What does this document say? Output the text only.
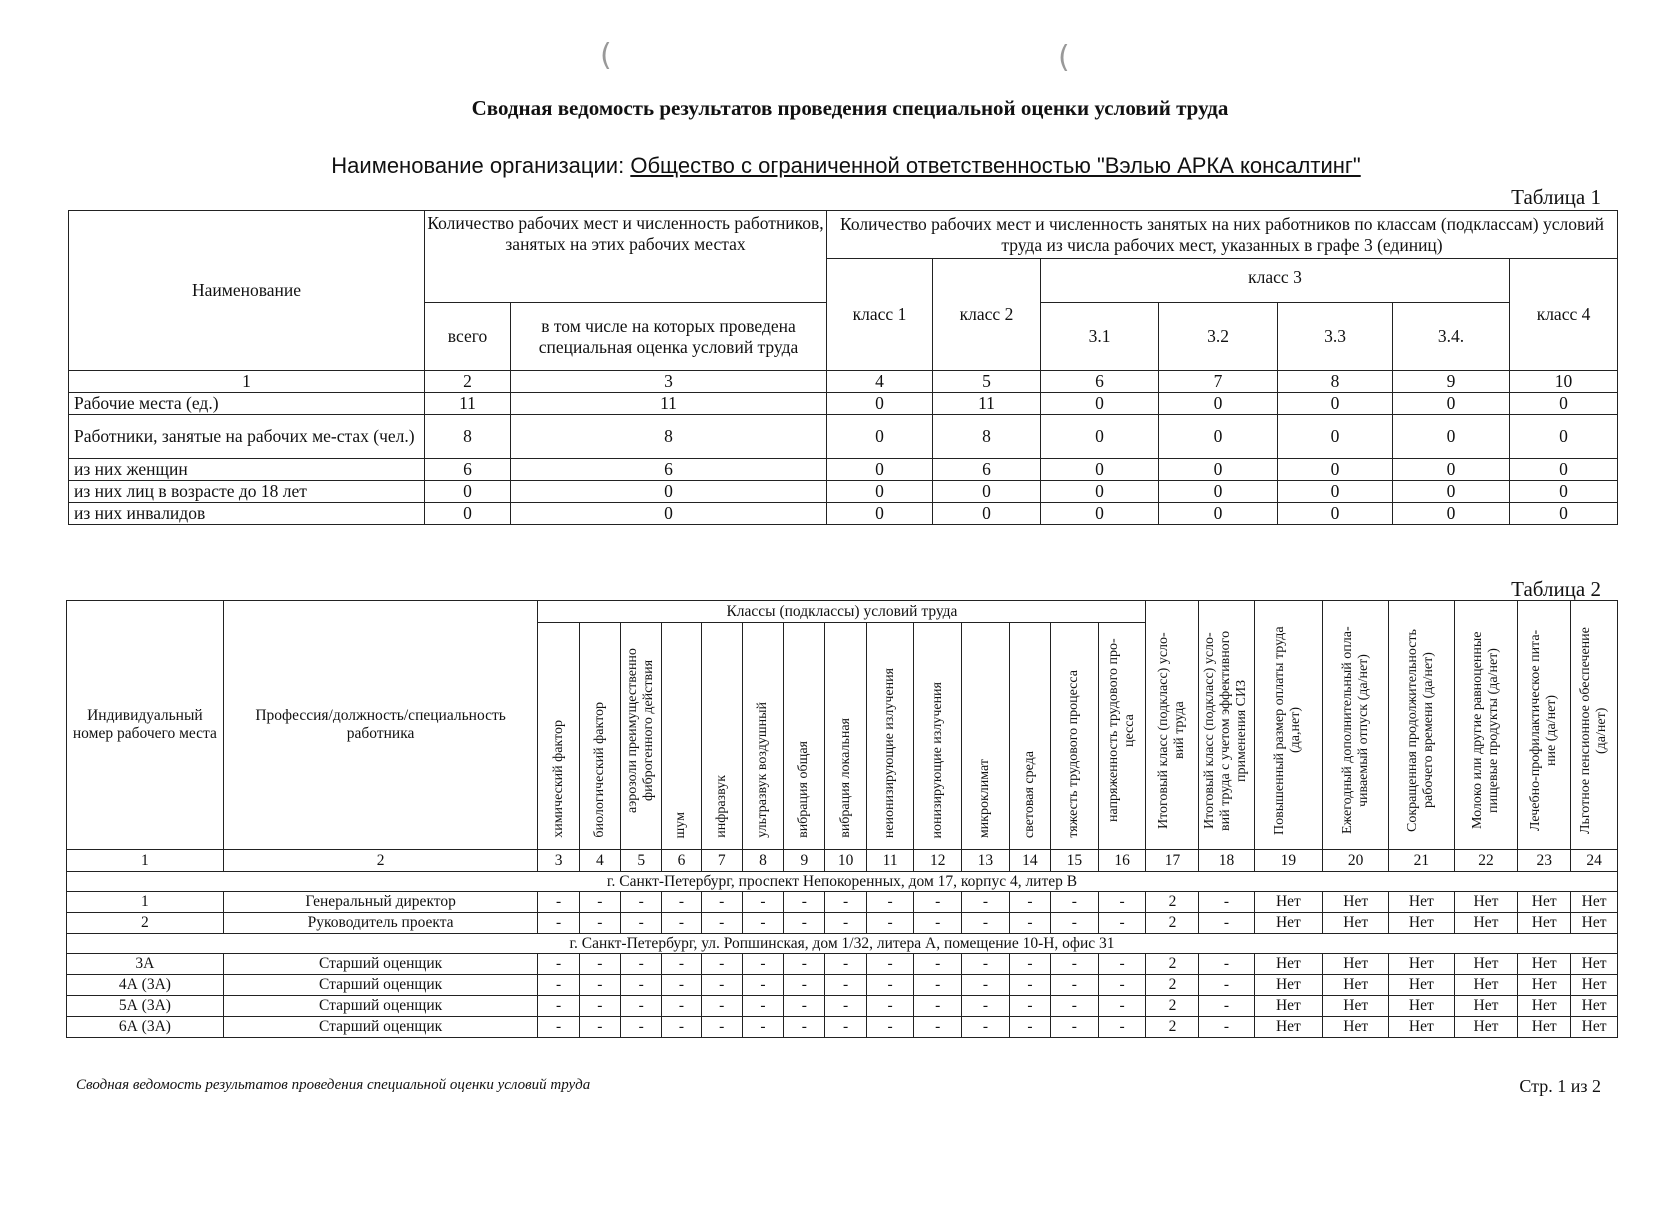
(	(
Сводная ведомость результатов проведения специальной оценки условий труда
Наименование организации: Общество с ограниченной ответственностью "Вэлью АРКА консалтинг"
Таблица 1
Наименование	Количество рабочих мест и численность работников, занятых на этих рабочих местах		Количество рабочих мест и численность занятых на них работников по классам (подклассам) условий труда из числа рабочих мест, указанных в графе 3 (единиц)						
			класс 1	класс 2	класс 3				класс 4
	всего	в том числе на которых проведена специальная оценка условий труда			3.1	3.2	3.3	3.4.	
1	2	3	4	5	6	7	8	9	10
Рабочие места (ед.)	11	11	0	11	0	0	0	0	0
Работники, занятые на рабочих ме-стах (чел.)	8	8	0	8	0	0	0	0	0
из них женщин	6	6	0	6	0	0	0	0	0
из них лиц в возрасте до 18 лет	0	0	0	0	0	0	0	0	0
из них инвалидов	0	0	0	0	0	0	0	0	0
Таблица 2
Индивидуальный номер рабочего места	Профессия/должность/специальность работника	Классы (подклассы) условий труда														Итоговый класс (подкласс) усло-вий труда	Итоговый класс (подкласс) усло-вий труда с учетом эффективного применения СИЗ	Повышенный размер оплаты труда (да,нет)	Ежегодный дополнительный опла-чиваемый отпуск (да/нет)	Сокращенная продолжительность рабочего времени (да/нет)	Молоко или другие равноценные пищевые продукты (да/нет)	Лечебно-профилактическое пита-ние (да/нет)	Льготное пенсионное обеспечение (да/нет)
		химический фактор	биологический фактор	аэрозоли преимущественно фиброгенного действия	шум	инфразвук	ультразвук воздушный	вибрация общая	вибрация локальная	неионизирующие излучения	ионизирующие излучения	микроклимат	световая среда	тяжесть трудового процесса	напряженность трудового про-цесса								
1	2	3	4	5	6	7	8	9	10	11	12	13	14	15	16	17	18	19	20	21	22	23	24
г. Санкт-Петербург, проспект Непокоренных, дом 17, корпус 4, литер В																							
1	Генеральный директор	-	-	-	-	-	-	-	-	-	-	-	-	-	-	2	-	Нет	Нет	Нет	Нет	Нет	Нет
2	Руководитель проекта	-	-	-	-	-	-	-	-	-	-	-	-	-	-	2	-	Нет	Нет	Нет	Нет	Нет	Нет
г. Санкт-Петербург, ул. Ропшинская, дом 1/32, литера А, помещение 10-Н, офис 31																							
3А	Старший оценщик	-	-	-	-	-	-	-	-	-	-	-	-	-	-	2	-	Нет	Нет	Нет	Нет	Нет	Нет
4А (3А)	Старший оценщик	-	-	-	-	-	-	-	-	-	-	-	-	-	-	2	-	Нет	Нет	Нет	Нет	Нет	Нет
5А (3А)	Старший оценщик	-	-	-	-	-	-	-	-	-	-	-	-	-	-	2	-	Нет	Нет	Нет	Нет	Нет	Нет
6А (3А)	Старший оценщик	-	-	-	-	-	-	-	-	-	-	-	-	-	-	2	-	Нет	Нет	Нет	Нет	Нет	Нет
Сводная ведомость результатов проведения специальной оценки условий труда	Стр. 1 из 2
